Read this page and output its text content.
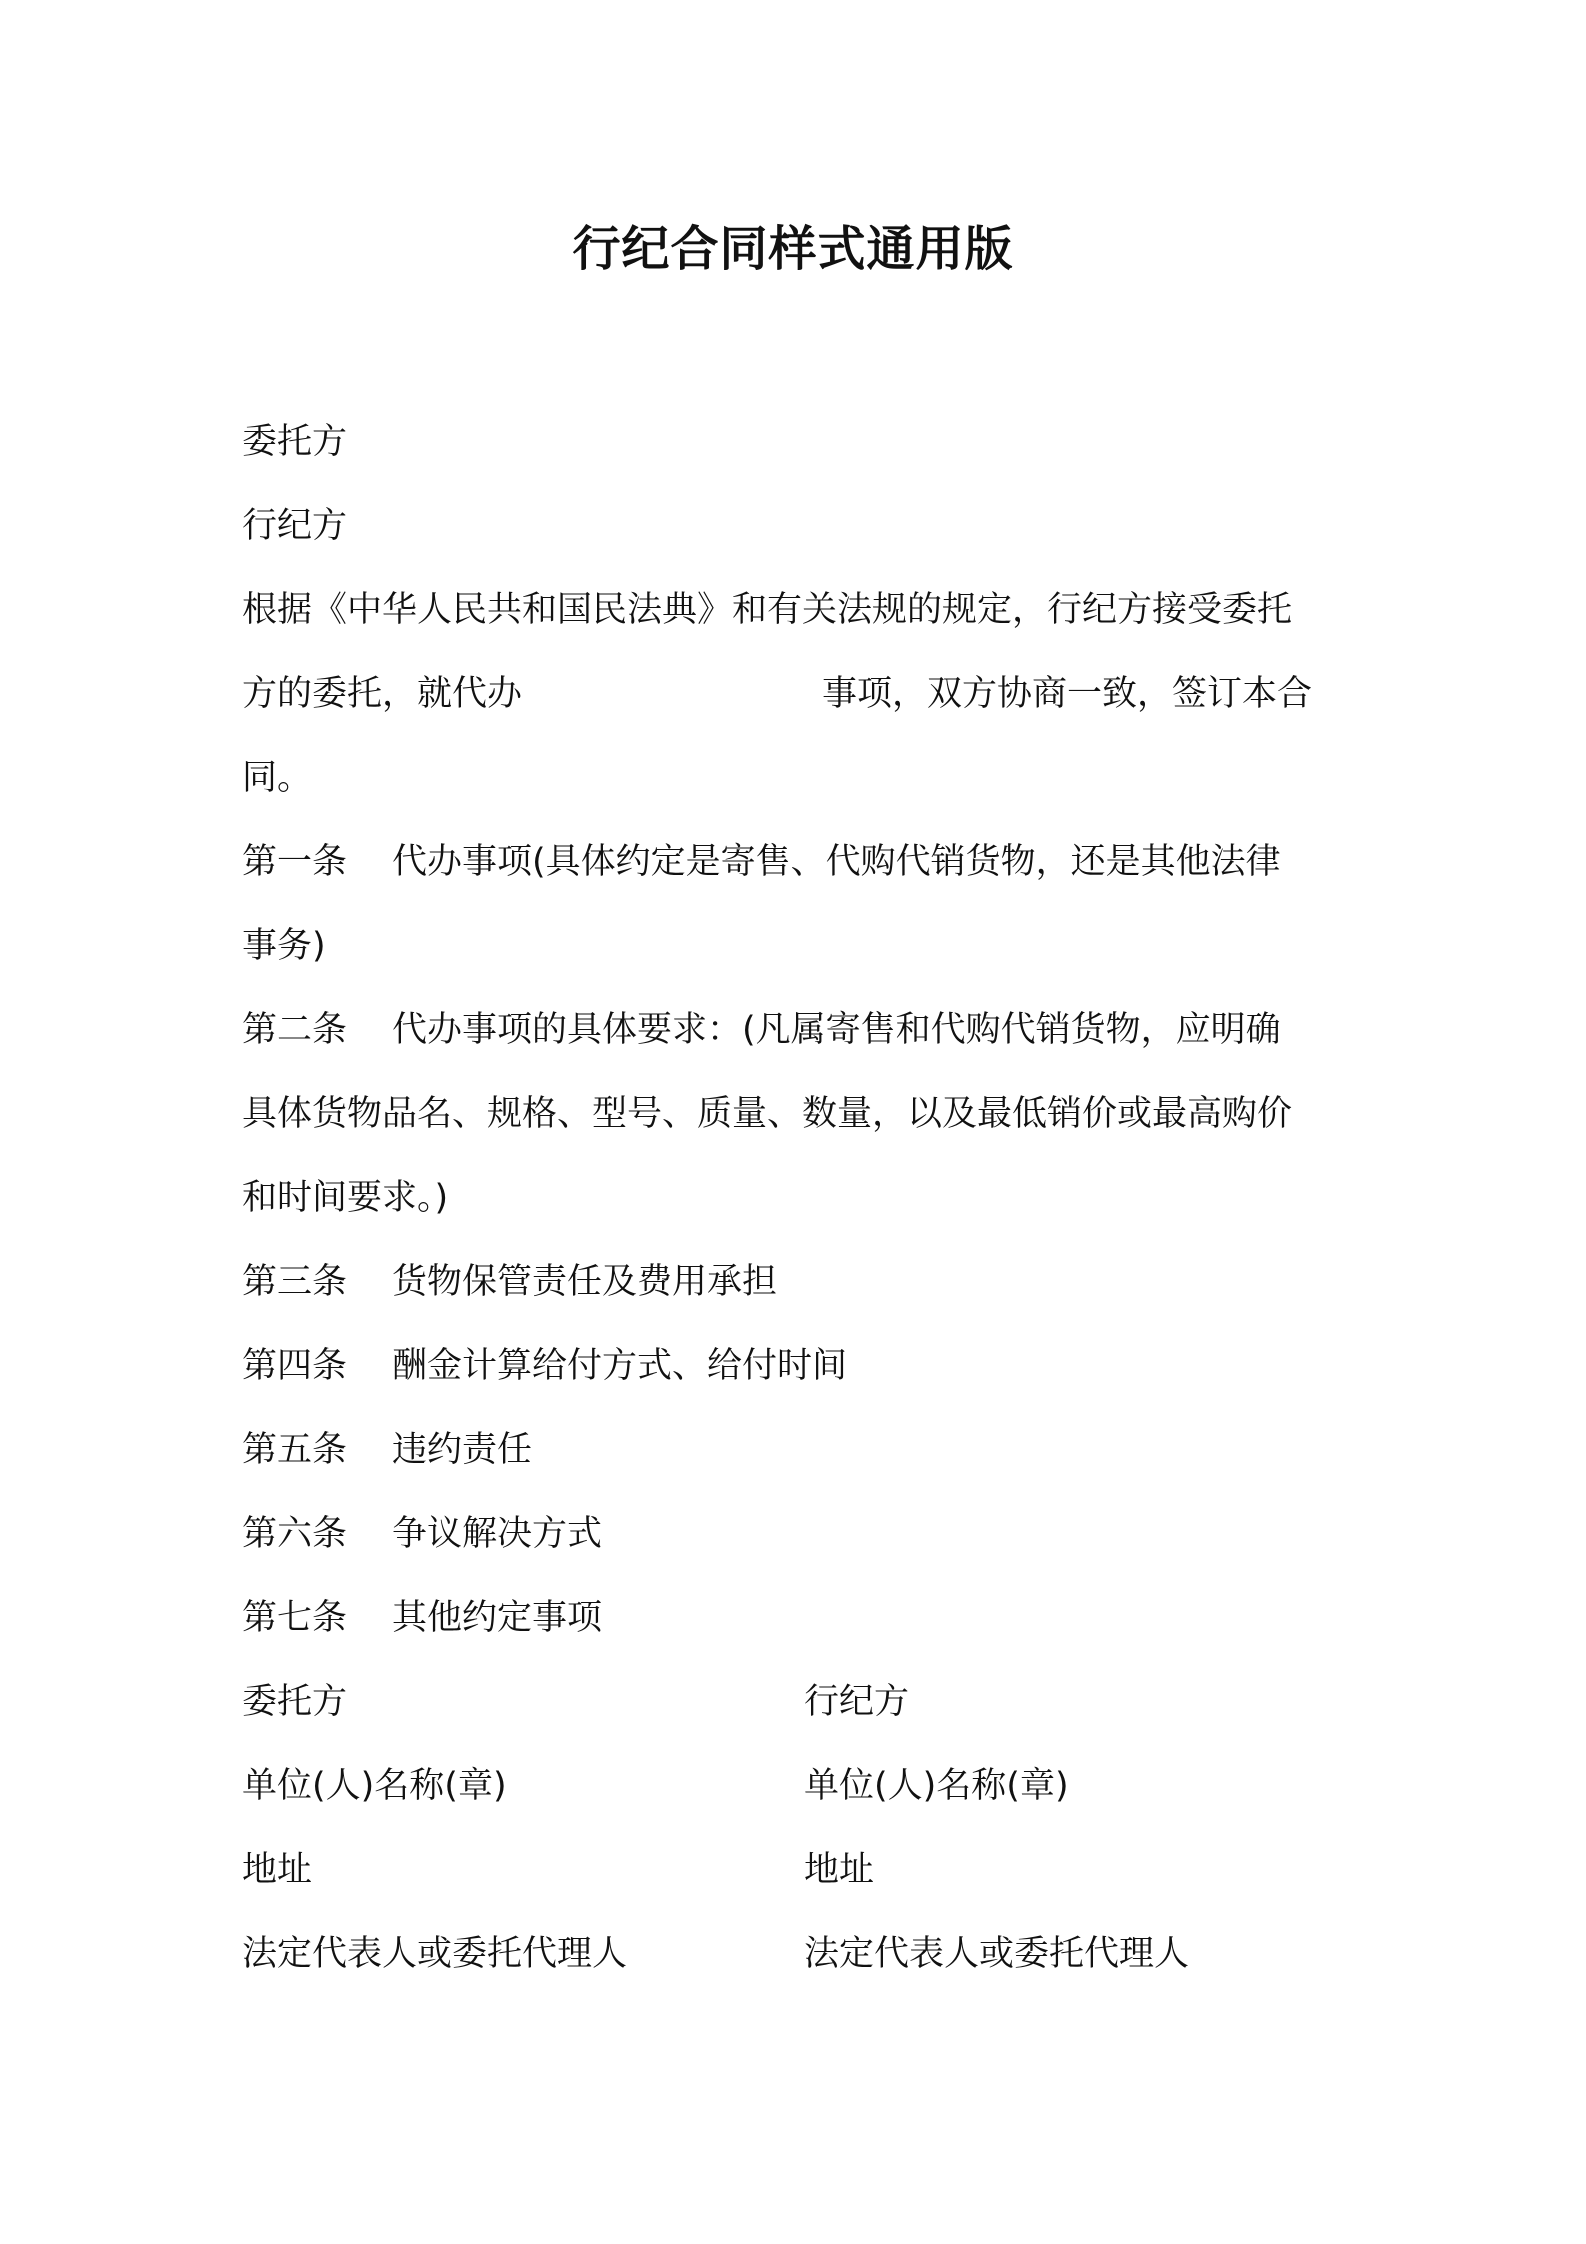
行纪合同样式通用版
委托方
行纪方
根据《中华人民共和国民法典》和有关法规的规定，行纪方接受委托
方的委托，就代办	事项，双方协商一致，签订本合
同。
第一条 代办事项(具体约定是寄售、代购代销货物，还是其他法律
事务)
第二条 代办事项的具体要求：(凡属寄售和代购代销货物，应明确
具体货物品名、规格、型号、质量、数量，以及最低销价或最高购价
和时间要求。)
第三条 货物保管责任及费用承担
第四条 酬金计算给付方式、给付时间
第五条 违约责任
第六条 争议解决方式
第七条 其他约定事项
委托方	行纪方
单位(人)名称(章)	单位(人)名称(章)
地址	地址
法定代表人或委托代理人	法定代表人或委托代理人
